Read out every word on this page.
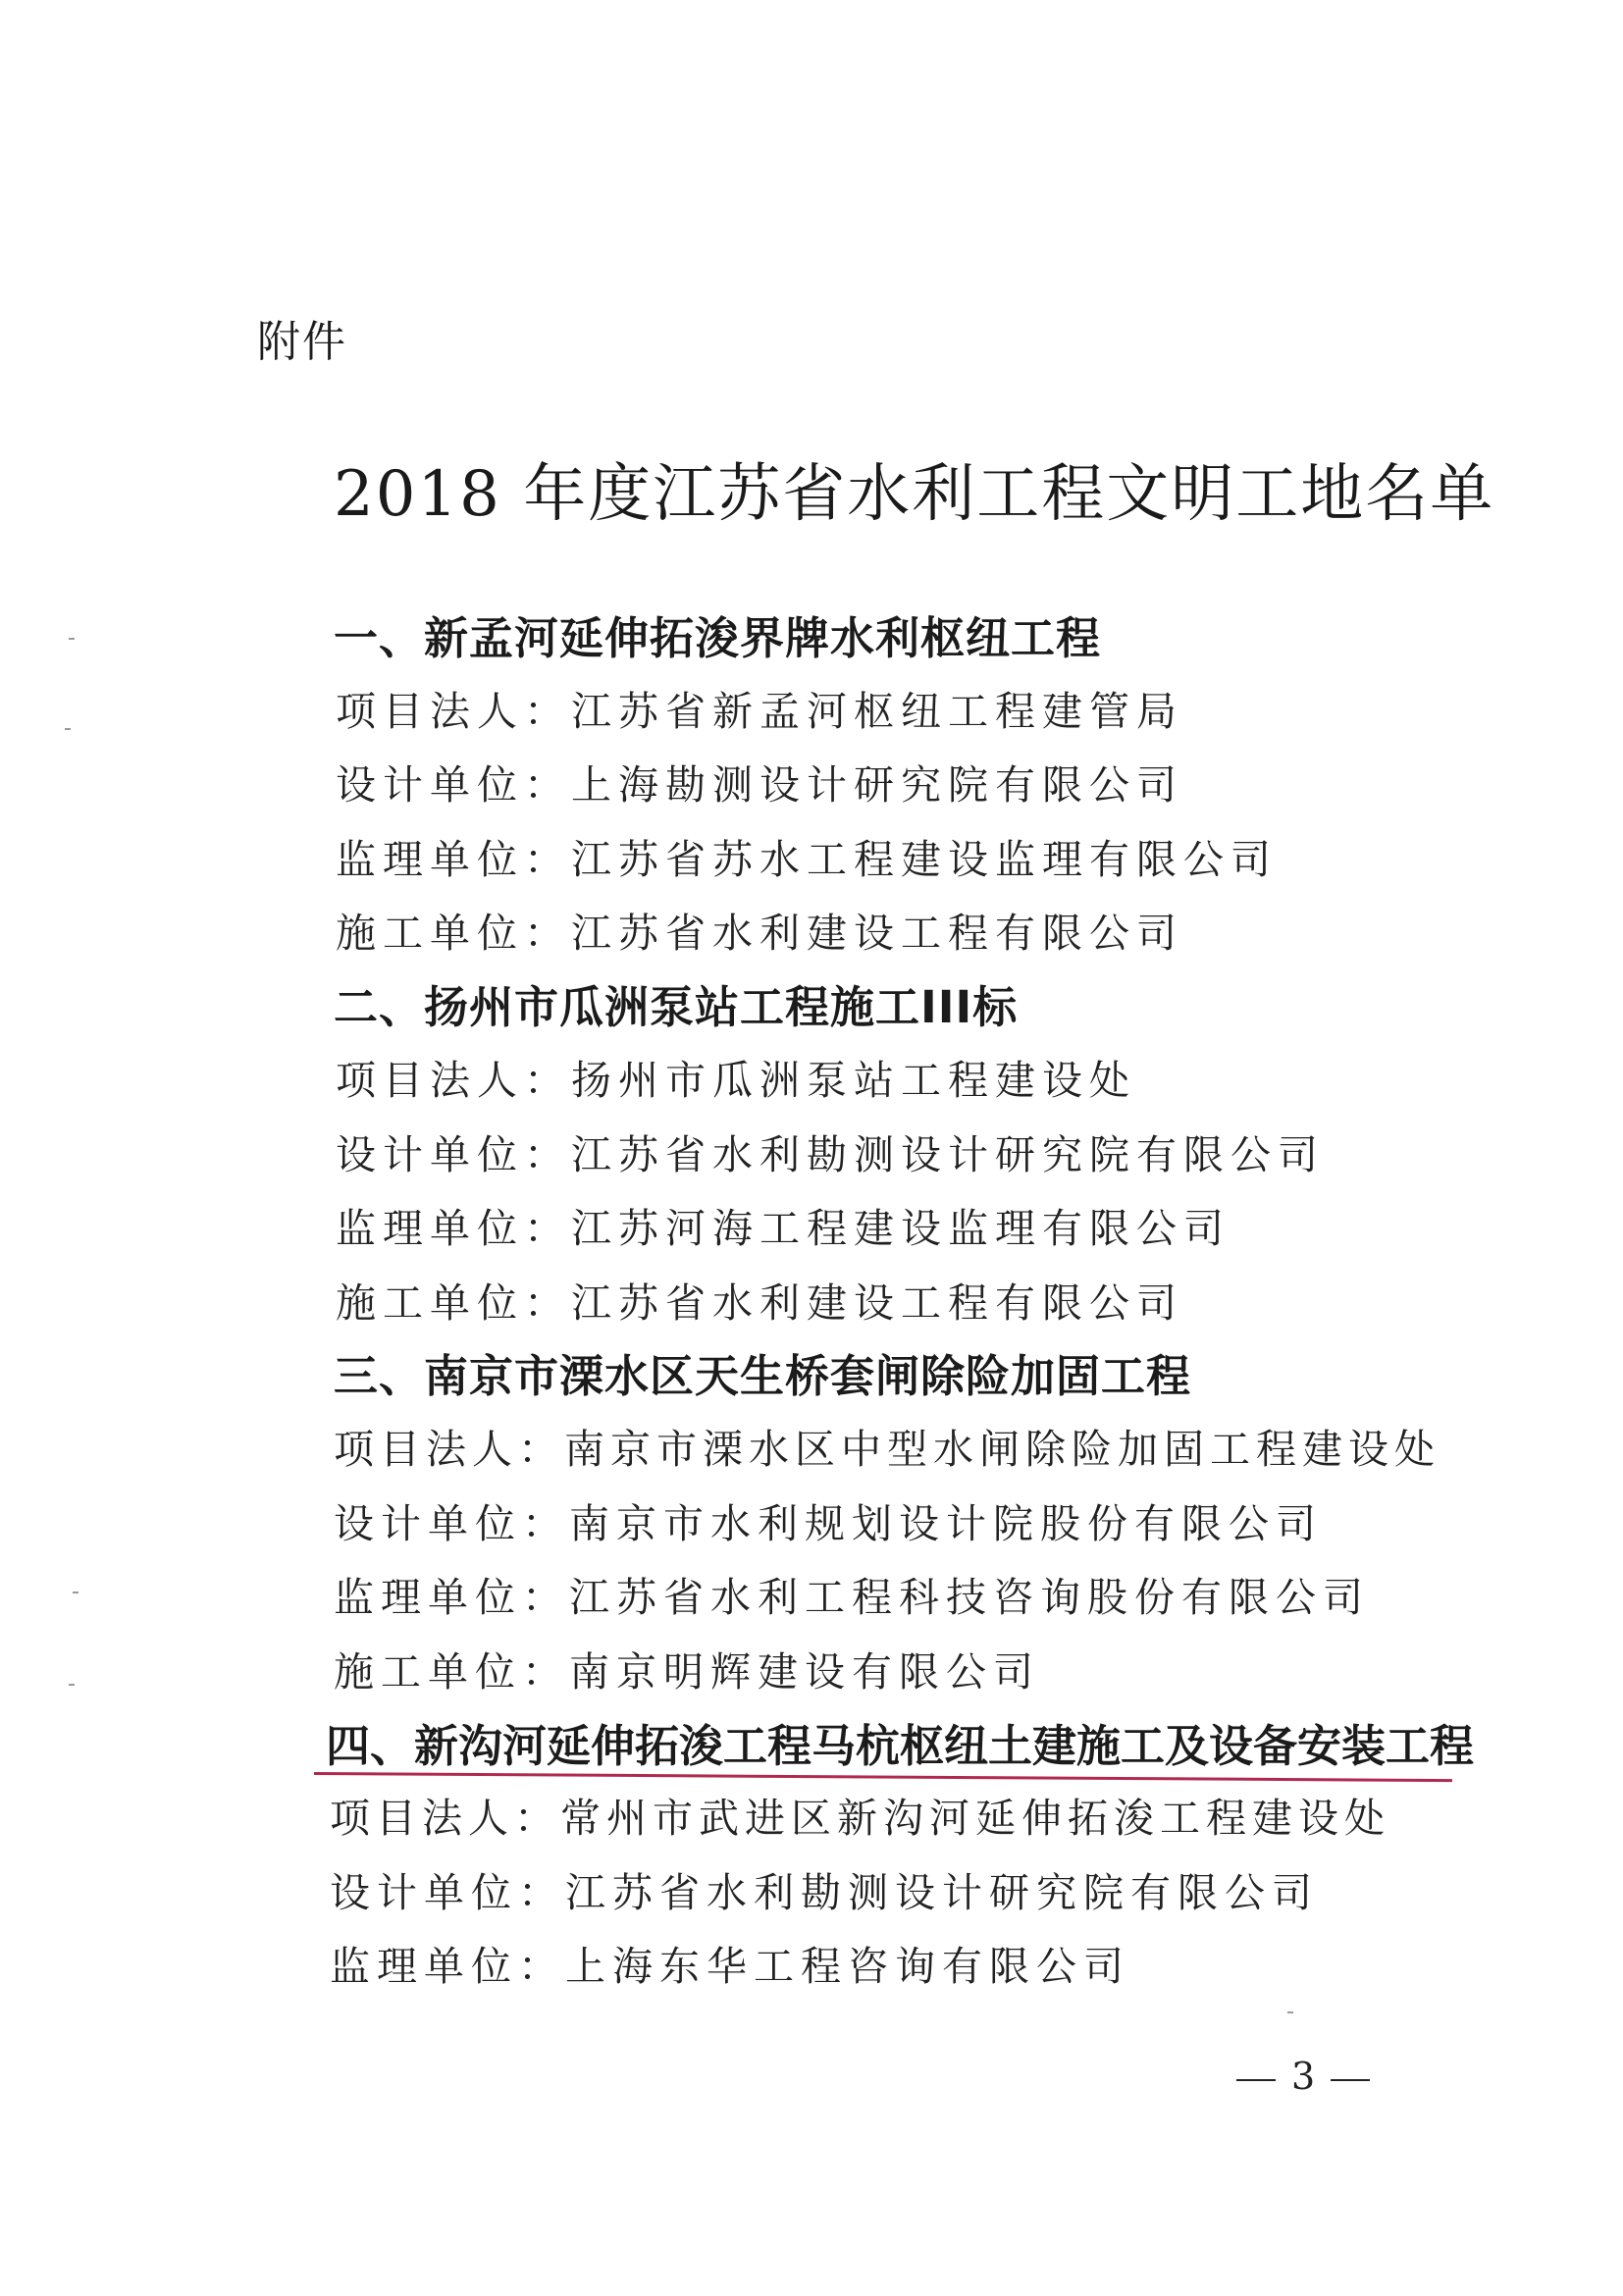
附件
2018 年度江苏省水利工程文明工地名单
一、新孟河延伸拓浚界牌水利枢纽工程
项目法人：江苏省新孟河枢纽工程建管局
设计单位：上海勘测设计研究院有限公司
监理单位：江苏省苏水工程建设监理有限公司
施工单位：江苏省水利建设工程有限公司
二、扬州市瓜洲泵站工程施工III标
项目法人：扬州市瓜洲泵站工程建设处
设计单位：江苏省水利勘测设计研究院有限公司
监理单位：江苏河海工程建设监理有限公司
施工单位：江苏省水利建设工程有限公司
三、南京市溧水区天生桥套闸除险加固工程
项目法人：南京市溧水区中型水闸除险加固工程建设处
设计单位：南京市水利规划设计院股份有限公司
监理单位：江苏省水利工程科技咨询股份有限公司
施工单位：南京明辉建设有限公司
四、新沟河延伸拓浚工程马杭枢纽土建施工及设备安装工程
项目法人：常州市武进区新沟河延伸拓浚工程建设处
设计单位：江苏省水利勘测设计研究院有限公司
监理单位：上海东华工程咨询有限公司
3
